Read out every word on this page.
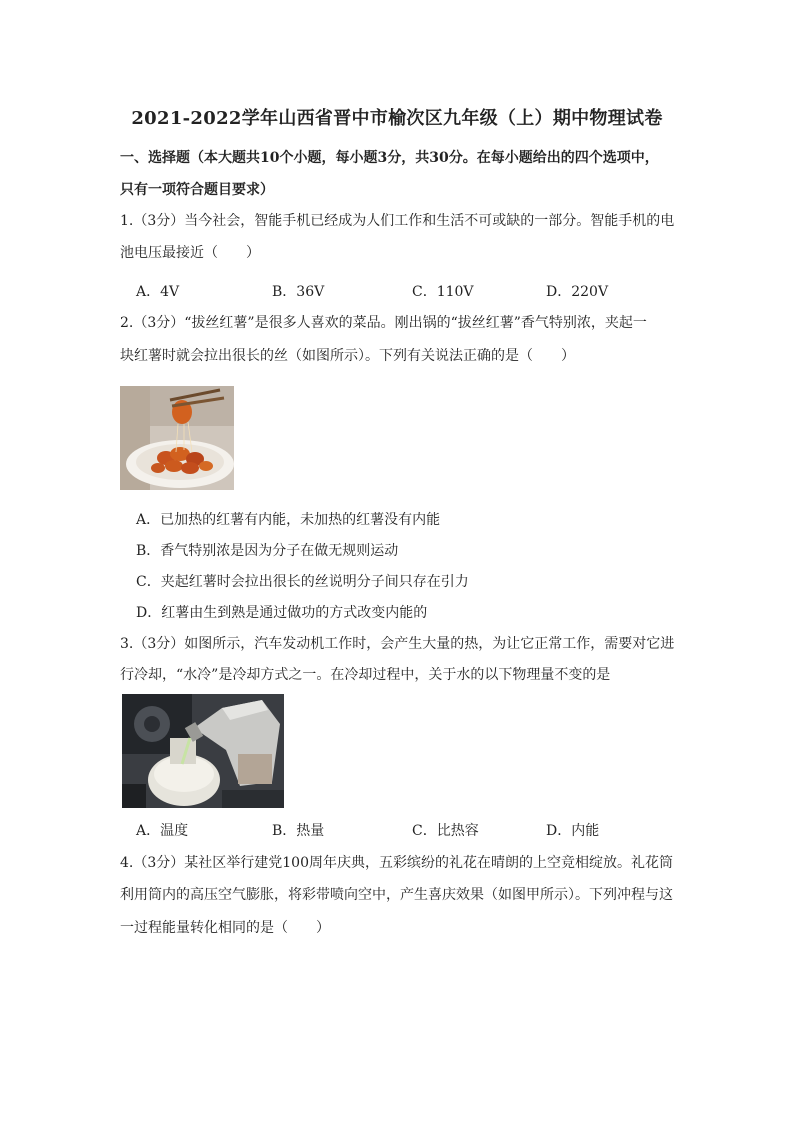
2021-2022学年山西省晋中市榆次区九年级（上）期中物理试卷
一、选择题（本大题共10个小题，每小题3分，共30分。在每小题给出的四个选项中，
只有一项符合题目要求）
1.（3分）当今社会，智能手机已经成为人们工作和生活不可或缺的一部分。智能手机的电
池电压最接近（　　）
A．4V	B．36V	C．110V	D．220V
2.（3分）“拔丝红薯”是很多人喜欢的菜品。刚出锅的“拔丝红薯”香气特别浓，夹起一
块红薯时就会拉出很长的丝（如图所示）。下列有关说法正确的是（　　）
A．已加热的红薯有内能，未加热的红薯没有内能
B．香气特别浓是因为分子在做无规则运动
C．夹起红薯时会拉出很长的丝说明分子间只存在引力
D．红薯由生到熟是通过做功的方式改变内能的
3.（3分）如图所示，汽车发动机工作时，会产生大量的热，为让它正常工作，需要对它进
行冷却，“水冷”是冷却方式之一。在冷却过程中，关于水的以下物理量不变的是
A．温度	B．热量	C．比热容	D．内能
4.（3分）某社区举行建党100周年庆典，五彩缤纷的礼花在晴朗的上空竞相绽放。礼花筒
利用筒内的高压空气膨胀，将彩带喷向空中，产生喜庆效果（如图甲所示）。下列冲程与这
一过程能量转化相同的是（　　）
